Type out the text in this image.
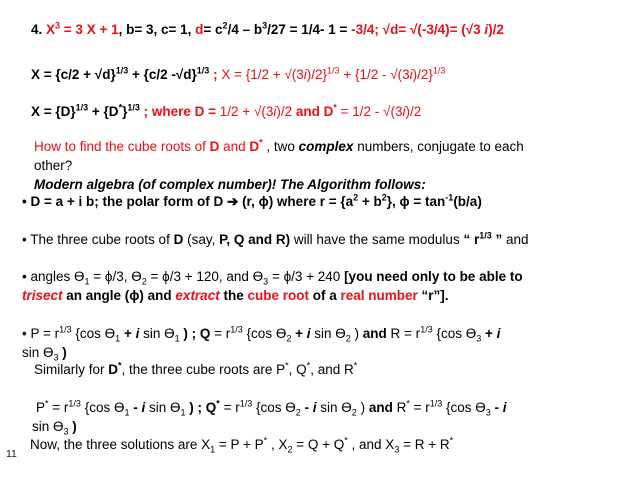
4. $X^3 = 3$ X + 1, b= 3, c= 1, $d= c^2/4 - b^3/27 = 1/4-$ 1 = -3/4; √d= √(-3/4)= (√3 i)/2
$X = \{c/2 + √d\}^{1/3} + \{c/2$ -√d}$^{1/3}$ ; $X = \{1/2 + √(3i)/2\}^{1/3} + \{1/2 - √(3i)/2\}^{1/3}$
$X = \{D\}^{1/3} + \{D^*\}^{1/3}$ ; where D = 1/2 + √(3i)/2 and D* = 1/2 - √(3i)/2
How to find the cube roots of D and D* , two complex numbers, conjugate to each
other?
Modern algebra (of complex number)! The Algorithm follows:
• D = a + i b; the polar form of D ➔ (r, ϕ) where $r = \{a^2 + b^2\}$, $\phi = \tan^{-1}(b/a)$
• The three cube roots of D (say, P, Q and R) will have the same modulus “ $r^{1/3}$ ” and
• angles $ϴ_1 = \phi/3$, $ϴ_2 = \phi/3 + 120$, and $ϴ_3 = \phi/3 + 240$ [you need only to be able to
trisect an angle (ϕ) and extract the cube root of a real number “r”].
• $P = r^{1/3}$ {cos $ϴ_1 + i$ $\sin ϴ_1$ ) ; $Q = r^{1/3}$ {cos $ϴ_2 + i$ $\sin ϴ_2$ ) and $R = r^{1/3}$ {cos $ϴ_3 + i$
$\sin ϴ_3$ )
Similarly for D*, the three cube roots are P*, Q*, and R*
$P^* = r^{1/3}$ {cos $ϴ_1$ - i $\sin ϴ_1$ ) ; $Q^* = r^{1/3}$ {cos $ϴ_2$ - i $\sin ϴ_2$ ) and $R^* = r^{1/3}$ {cos $ϴ_3$ - i
$\sin ϴ_3$ )
Now, the three solutions are $X_1 = P + P^*$ , $X_2 = Q + Q^*$ , and $X_3 = R + R^*$
11
